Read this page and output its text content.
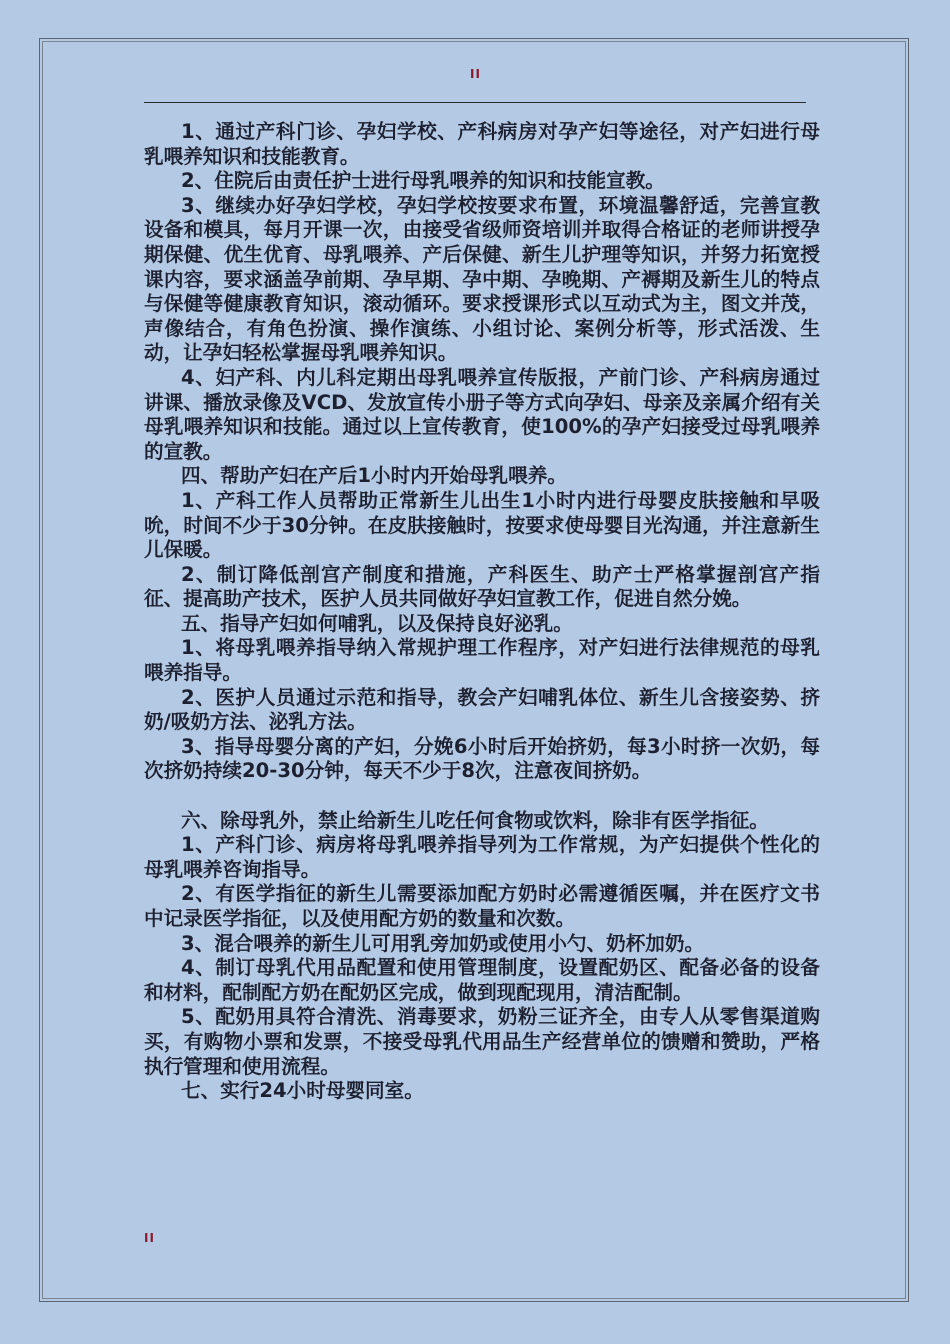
II

1、通过产科门诊、孕妇学校、产科病房对孕产妇等途径，对产妇进行母乳喂养知识和技能教育。

2、住院后由责任护士进行母乳喂养的知识和技能宣教。

3、继续办好孕妇学校，孕妇学校按要求布置，环境温馨舒适，完善宣教设备和模具，每月开课一次，由接受省级师资培训并取得合格证的老师讲授孕期保健、优生优育、母乳喂养、产后保健、新生儿护理等知识，并努力拓宽授课内容，要求涵盖孕前期、孕早期、孕中期、孕晚期、产褥期及新生儿的特点与保健等健康教育知识，滚动循环。要求授课形式以互动式为主，图文并茂，声像结合，有角色扮演、操作演练、小组讨论、案例分析等，形式活泼、生动，让孕妇轻松掌握母乳喂养知识。

4、妇产科、内儿科定期出母乳喂养宣传版报，产前门诊、产科病房通过讲课、播放录像及VCD、发放宣传小册子等方式向孕妇、母亲及亲属介绍有关母乳喂养知识和技能。通过以上宣传教育，使100%的孕产妇接受过母乳喂养的宣教。

四、帮助产妇在产后1小时内开始母乳喂养。

1、产科工作人员帮助正常新生儿出生1小时内进行母婴皮肤接触和早吸吮，时间不少于30分钟。在皮肤接触时，按要求使母婴目光沟通，并注意新生儿保暖。

2、制订降低剖宫产制度和措施，产科医生、助产士严格掌握剖宫产指征、提高助产技术，医护人员共同做好孕妇宣教工作，促进自然分娩。

五、指导产妇如何哺乳，以及保持良好泌乳。

1、将母乳喂养指导纳入常规护理工作程序，对产妇进行法律规范的母乳喂养指导。

2、医护人员通过示范和指导，教会产妇哺乳体位、新生儿含接姿势、挤奶/吸奶方法、泌乳方法。

3、指导母婴分离的产妇，分娩6小时后开始挤奶，每3小时挤一次奶，每次挤奶持续20-30分钟，每天不少于8次，注意夜间挤奶。

六、除母乳外，禁止给新生儿吃任何食物或饮料，除非有医学指征。

1、产科门诊、病房将母乳喂养指导列为工作常规，为产妇提供个性化的母乳喂养咨询指导。

2、有医学指征的新生儿需要添加配方奶时必需遵循医嘱，并在医疗文书中记录医学指征，以及使用配方奶的数量和次数。

3、混合喂养的新生儿可用乳旁加奶或使用小勺、奶杯加奶。

4、制订母乳代用品配置和使用管理制度，设置配奶区、配备必备的设备和材料，配制配方奶在配奶区完成，做到现配现用，清洁配制。

5、配奶用具符合清洗、消毒要求，奶粉三证齐全，由专人从零售渠道购买，有购物小票和发票，不接受母乳代用品生产经营单位的馈赠和赞助，严格执行管理和使用流程。

七、实行24小时母婴同室。

II
